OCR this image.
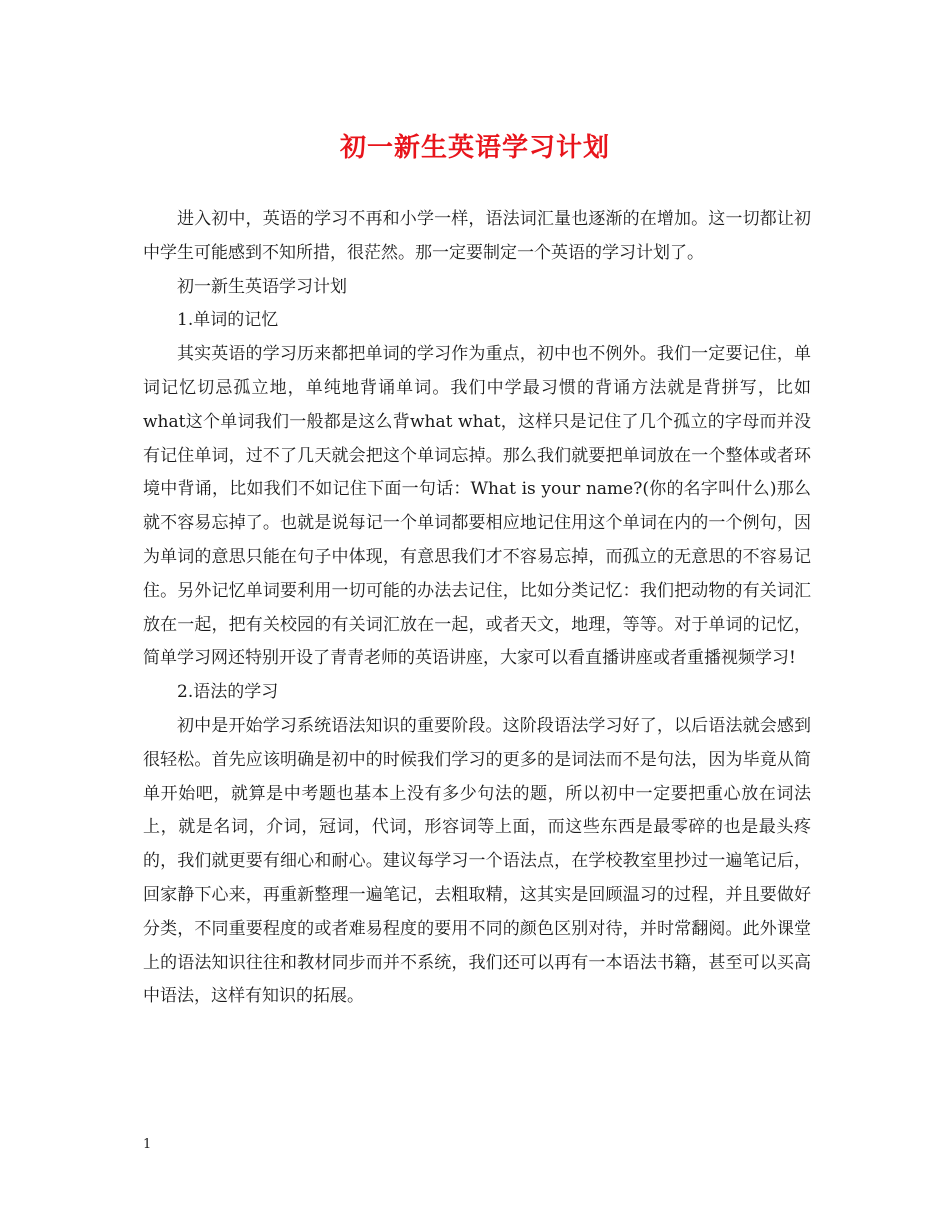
初一新生英语学习计划

进入初中，英语的学习不再和小学一样，语法词汇量也逐渐的在增加。这一切都让初中学生可能感到不知所措，很茫然。那一定要制定一个英语的学习计划了。

初一新生英语学习计划

1.单词的记忆

其实英语的学习历来都把单词的学习作为重点，初中也不例外。我们一定要记住，单词记忆切忌孤立地，单纯地背诵单词。我们中学最习惯的背诵方法就是背拼写，比如what这个单词我们一般都是这么背what what，这样只是记住了几个孤立的字母而并没有记住单词，过不了几天就会把这个单词忘掉。那么我们就要把单词放在一个整体或者环境中背诵，比如我们不如记住下面一句话：What is your name?(你的名字叫什么)那么就不容易忘掉了。也就是说每记一个单词都要相应地记住用这个单词在内的一个例句，因为单词的意思只能在句子中体现，有意思我们才不容易忘掉，而孤立的无意思的不容易记住。另外记忆单词要利用一切可能的办法去记住，比如分类记忆：我们把动物的有关词汇放在一起，把有关校园的有关词汇放在一起，或者天文，地理，等等。对于单词的记忆，简单学习网还特别开设了青青老师的英语讲座，大家可以看直播讲座或者重播视频学习!

2.语法的学习

初中是开始学习系统语法知识的重要阶段。这阶段语法学习好了，以后语法就会感到很轻松。首先应该明确是初中的时候我们学习的更多的是词法而不是句法，因为毕竟从简单开始吧，就算是中考题也基本上没有多少句法的题，所以初中一定要把重心放在词法上，就是名词，介词，冠词，代词，形容词等上面，而这些东西是最零碎的也是最头疼的，我们就更要有细心和耐心。建议每学习一个语法点，在学校教室里抄过一遍笔记后，回家静下心来，再重新整理一遍笔记，去粗取精，这其实是回顾温习的过程，并且要做好分类，不同重要程度的或者难易程度的要用不同的颜色区别对待，并时常翻阅。此外课堂上的语法知识往往和教材同步而并不系统，我们还可以再有一本语法书籍，甚至可以买高中语法，这样有知识的拓展。

1
